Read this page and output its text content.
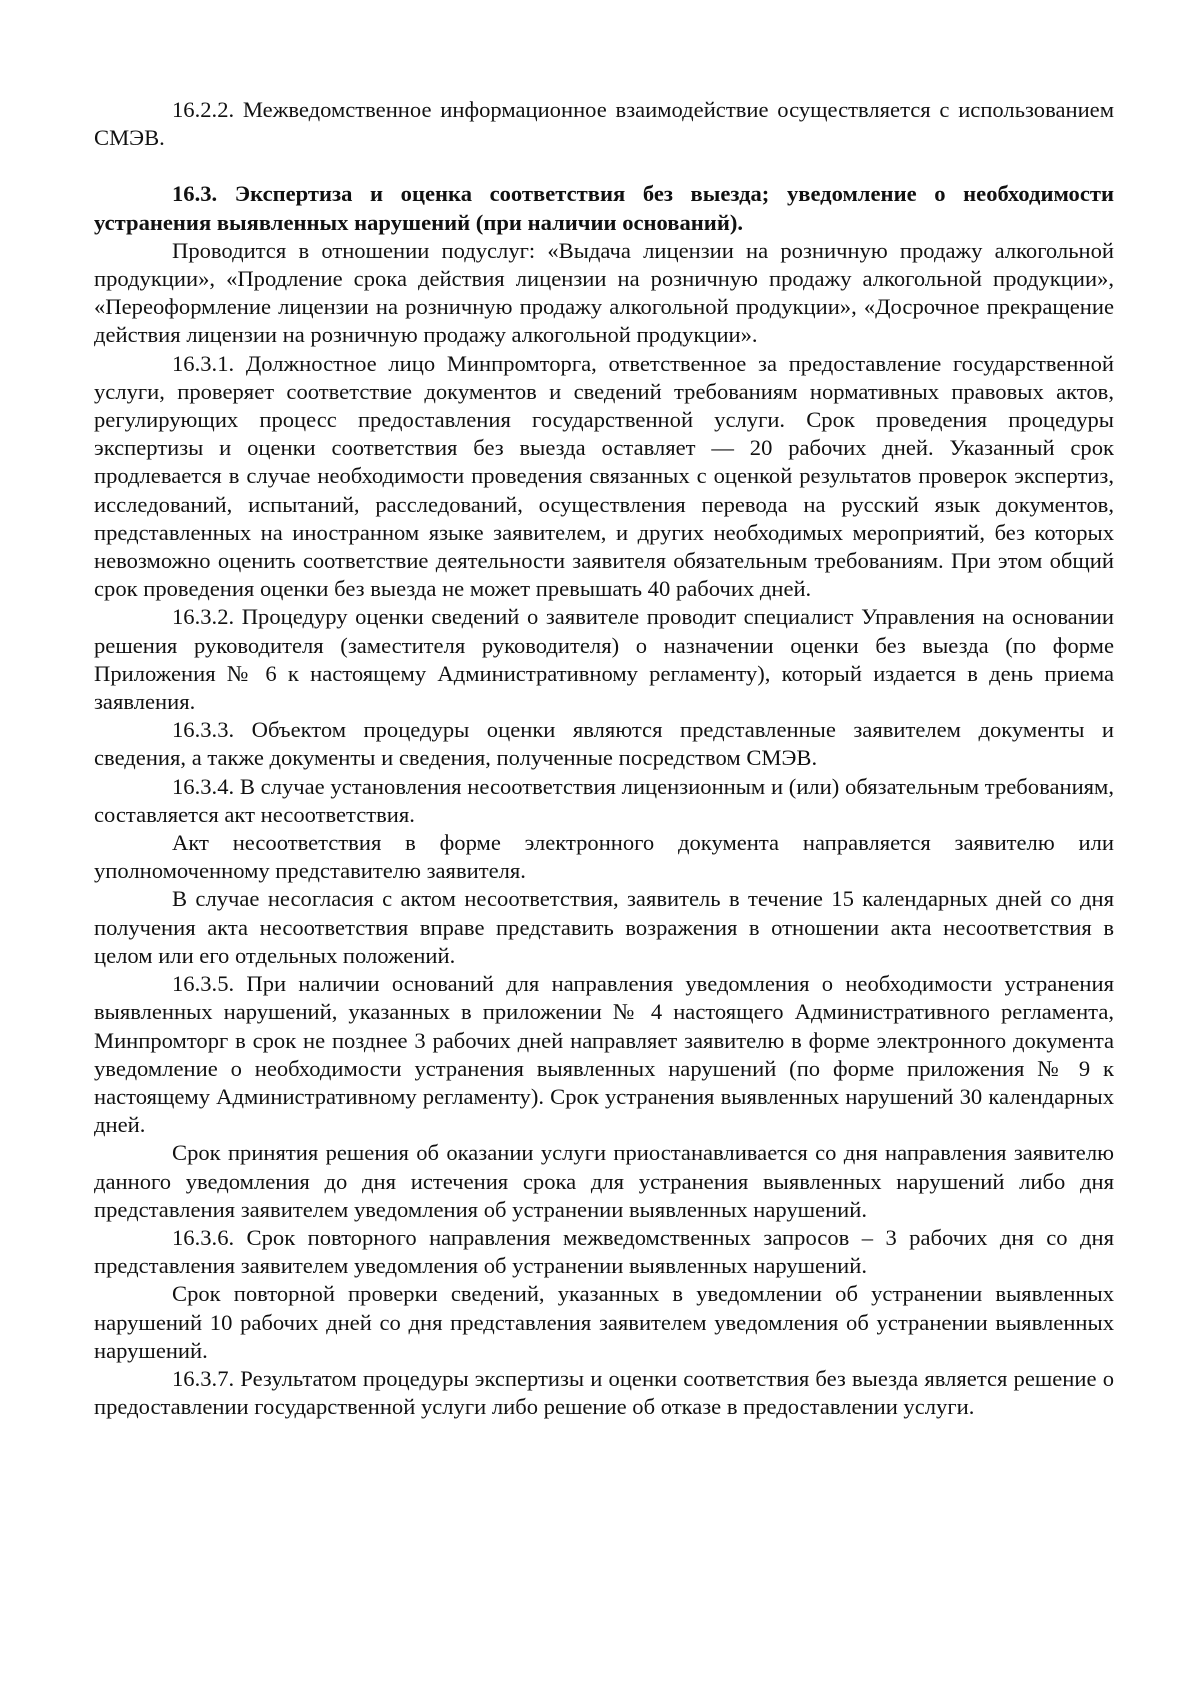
16.2.2. Межведомственное информационное взаимодействие осуществляется с использованием СМЭВ.

16.3. Экспертиза и оценка соответствия без выезда; уведомление о необходимости устранения выявленных нарушений (при наличии оснований).

Проводится в отношении подуслуг: «Выдача лицензии на розничную продажу алкогольной продукции», «Продление срока действия лицензии на розничную продажу алкогольной продукции», «Переоформление лицензии на розничную продажу алкогольной продукции», «Досрочное прекращение действия лицензии на розничную продажу алкогольной продукции».

16.3.1. Должностное лицо Минпромторга, ответственное за предоставление государственной услуги, проверяет соответствие документов и сведений требованиям нормативных правовых актов, регулирующих процесс предоставления государственной услуги. Срок проведения процедуры экспертизы и оценки соответствия без выезда оставляет — 20 рабочих дней. Указанный срок продлевается в случае необходимости проведения связанных с оценкой результатов проверок экспертиз, исследований, испытаний, расследований, осуществления перевода на русский язык документов, представленных на иностранном языке заявителем, и других необходимых мероприятий, без которых невозможно оценить соответствие деятельности заявителя обязательным требованиям. При этом общий срок проведения оценки без выезда не может превышать 40 рабочих дней.

16.3.2. Процедуру оценки сведений о заявителе проводит специалист Управления на основании решения руководителя (заместителя руководителя) о назначении оценки без выезда (по форме Приложения № 6 к настоящему Административному регламенту), который издается в день приема заявления.

16.3.3. Объектом процедуры оценки являются представленные заявителем документы и сведения, а также документы и сведения, полученные посредством СМЭВ.

16.3.4. В случае установления несоответствия лицензионным и (или) обязательным требованиям, составляется акт несоответствия.

Акт несоответствия в форме электронного документа направляется заявителю или уполномоченному представителю заявителя.

В случае несогласия с актом несоответствия, заявитель в течение 15 календарных дней со дня получения акта несоответствия вправе представить возражения в отношении акта несоответствия в целом или его отдельных положений.

16.3.5. При наличии оснований для направления уведомления о необходимости устранения выявленных нарушений, указанных в приложении № 4 настоящего Административного регламента, Минпромторг в срок не позднее 3 рабочих дней направляет заявителю в форме электронного документа уведомление о необходимости устранения выявленных нарушений (по форме приложения № 9 к настоящему Административному регламенту). Срок устранения выявленных нарушений 30 календарных дней.

Срок принятия решения об оказании услуги приостанавливается со дня направления заявителю данного уведомления до дня истечения срока для устранения выявленных нарушений либо дня представления заявителем уведомления об устранении выявленных нарушений.

16.3.6. Срок повторного направления межведомственных запросов – 3 рабочих дня со дня представления заявителем уведомления об устранении выявленных нарушений.

Срок повторной проверки сведений, указанных в уведомлении об устранении выявленных нарушений 10 рабочих дней со дня представления заявителем уведомления об устранении выявленных нарушений.

16.3.7. Результатом процедуры экспертизы и оценки соответствия без выезда является решение о предоставлении государственной услуги либо решение об отказе в предоставлении услуги.
